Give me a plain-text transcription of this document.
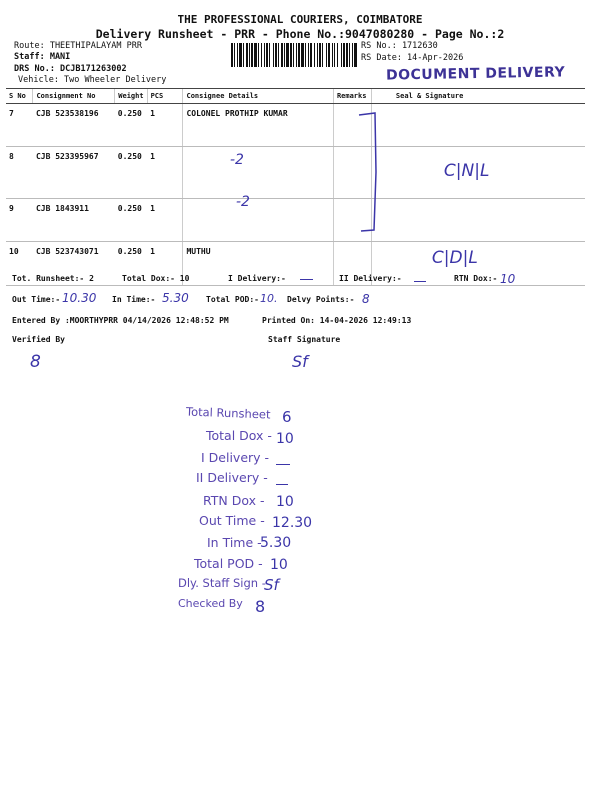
THE PROFESSIONAL COURIERS, COIMBATORE
Delivery Runsheet - PRR - Phone No.:9047080280 - Page No.:2
Route: THEETHIPALAYAM PRR
Staff: MANI
DRS No.: DCJB171263002
Vehicle: Two Wheeler Delivery
RS No.: 1712630
RS Date: 14-Apr-2026
DOCUMENT DELIVERY
S No	Consignment No	Weight	PCS	Consignee Details	Remarks	Seal & Signature
7	CJB 523538196	0.250	1	COLONEL PROTHIP KUMAR		
8	CJB 523395967	0.250	1			C|N|L
9	CJB 1843911	0.250	1			
10	CJB 523743071	0.250	1	MUTHU		C|D|L
-2
-2
Tot. Runsheet:- 2	Total Dox:- 10	I Delivery:-	II Delivery:-	RTN Dox:- 10
Out Time:- 10.30 In Time:- 5.30 Total POD:- 10. Delvy Points:- 8
Entered By :MOORTHYPRR 04/14/2026 12:48:52 PM	Printed On: 14-04-2026 12:49:13
Verified By	Staff Signature
8	Sf
Total Runsheet 6
Total Dox - 10
I Delivery -
II Delivery -
RTN Dox - 10
Out Time - 12.30
In Time -
5.30
Total POD - 10
Dly. Staff Sign -
Sf
Checked By 8
